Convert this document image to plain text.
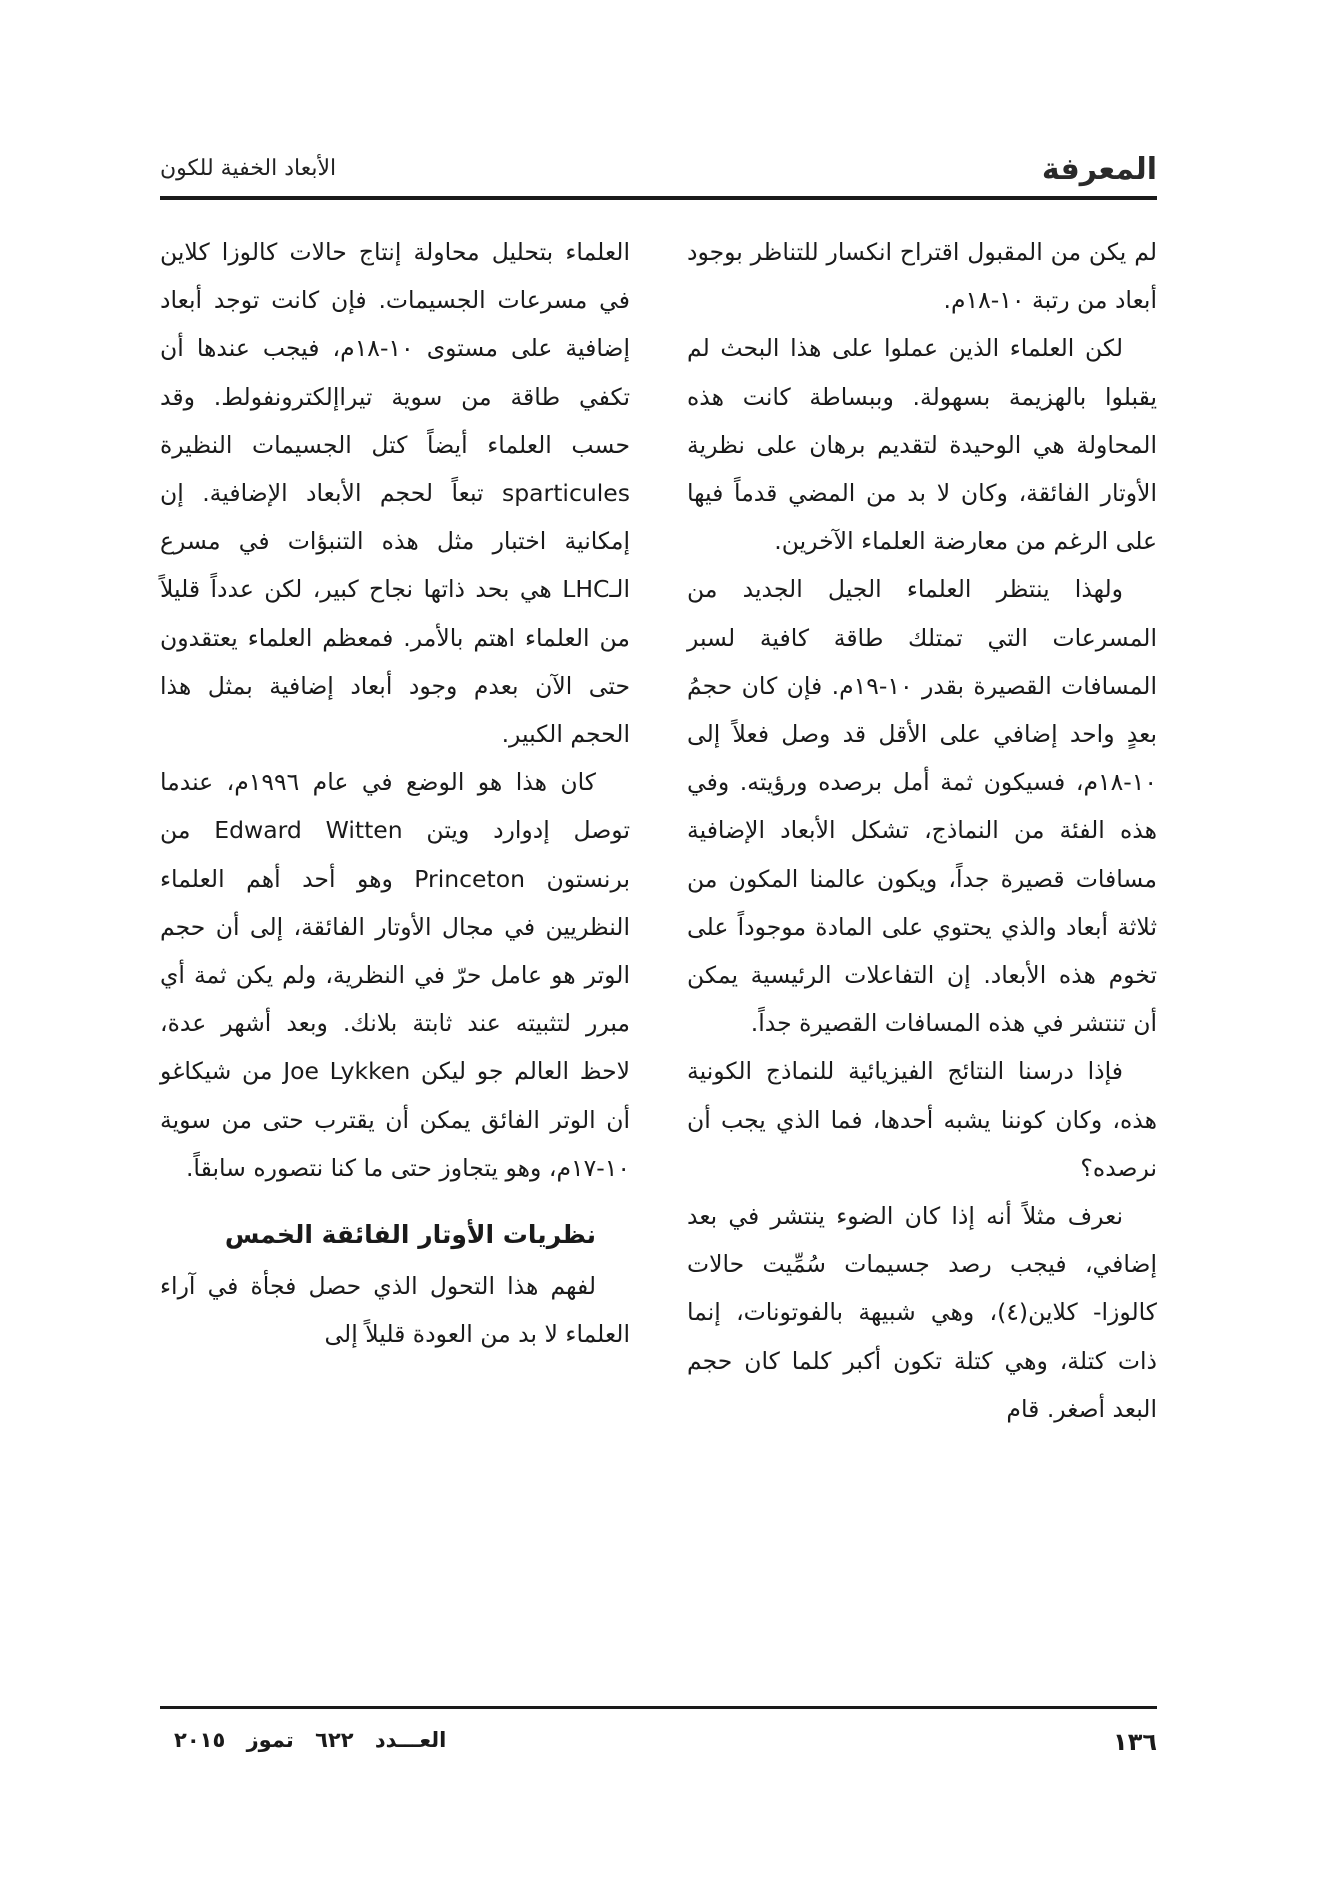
المعرفة
الأبعاد الخفية للكون

لم يكن من المقبول اقتراح انكسار للتناظر بوجود أبعاد من رتبة ١٠-١٨م.

لكن العلماء الذين عملوا على هذا البحث لم يقبلوا بالهزيمة بسهولة. وببساطة كانت هذه المحاولة هي الوحيدة لتقديم برهان على نظرية الأوتار الفائقة، وكان لا بد من المضي قدماً فيها على الرغم من معارضة العلماء الآخرين.

ولهذا ينتظر العلماء الجيل الجديد من المسرعات التي تمتلك طاقة كافية لسبر المسافات القصيرة بقدر ١٠-١٩م. فإن كان حجمُ بعدٍ واحد إضافي على الأقل قد وصل فعلاً إلى ١٠-١٨م، فسيكون ثمة أمل برصده ورؤيته. وفي هذه الفئة من النماذج، تشكل الأبعاد الإضافية مسافات قصيرة جداً، ويكون عالمنا المكون من ثلاثة أبعاد والذي يحتوي على المادة موجوداً على تخوم هذه الأبعاد. إن التفاعلات الرئيسية يمكن أن تنتشر في هذه المسافات القصيرة جداً.

فإذا درسنا النتائج الفيزيائية للنماذج الكونية هذه، وكان كوننا يشبه أحدها، فما الذي يجب أن نرصده؟

نعرف مثلاً أنه إذا كان الضوء ينتشر في بعد إضافي، فيجب رصد جسيمات سُمِّيت حالات كالوزا- كلاين(٤)، وهي شبيهة بالفوتونات، إنما ذات كتلة، وهي كتلة تكون أكبر كلما كان حجم البعد أصغر. قام

العلماء بتحليل محاولة إنتاج حالات كالوزا كلاين في مسرعات الجسيمات. فإن كانت توجد أبعاد إضافية على مستوى ١٠-١٨م، فيجب عندها أن تكفي طاقة من سوية تيراإلكترونفولط. وقد حسب العلماء أيضاً كتل الجسيمات النظيرة sparticules تبعاً لحجم الأبعاد الإضافية. إن إمكانية اختبار مثل هذه التنبؤات في مسرع الـLHC هي بحد ذاتها نجاح كبير، لكن عدداً قليلاً من العلماء اهتم بالأمر. فمعظم العلماء يعتقدون حتى الآن بعدم وجود أبعاد إضافية بمثل هذا الحجم الكبير.

كان هذا هو الوضع في عام ١٩٩٦م، عندما توصل إدوارد ويتن Edward Witten من برنستون Princeton وهو أحد أهم العلماء النظريين في مجال الأوتار الفائقة، إلى أن حجم الوتر هو عامل حرّ في النظرية، ولم يكن ثمة أي مبرر لتثبيته عند ثابتة بلانك. وبعد أشهر عدة، لاحظ العالم جو ليكن Joe Lykken من شيكاغو أن الوتر الفائق يمكن أن يقترب حتى من سوية ١٠-١٧م، وهو يتجاوز حتى ما كنا نتصوره سابقاً.

نظريات الأوتار الفائقة الخمس

لفهم هذا التحول الذي حصل فجأة في آراء العلماء لا بد من العودة قليلاً إلى

١٣٦
العـــدد ٦٢٢ تموز ٢٠١٥
